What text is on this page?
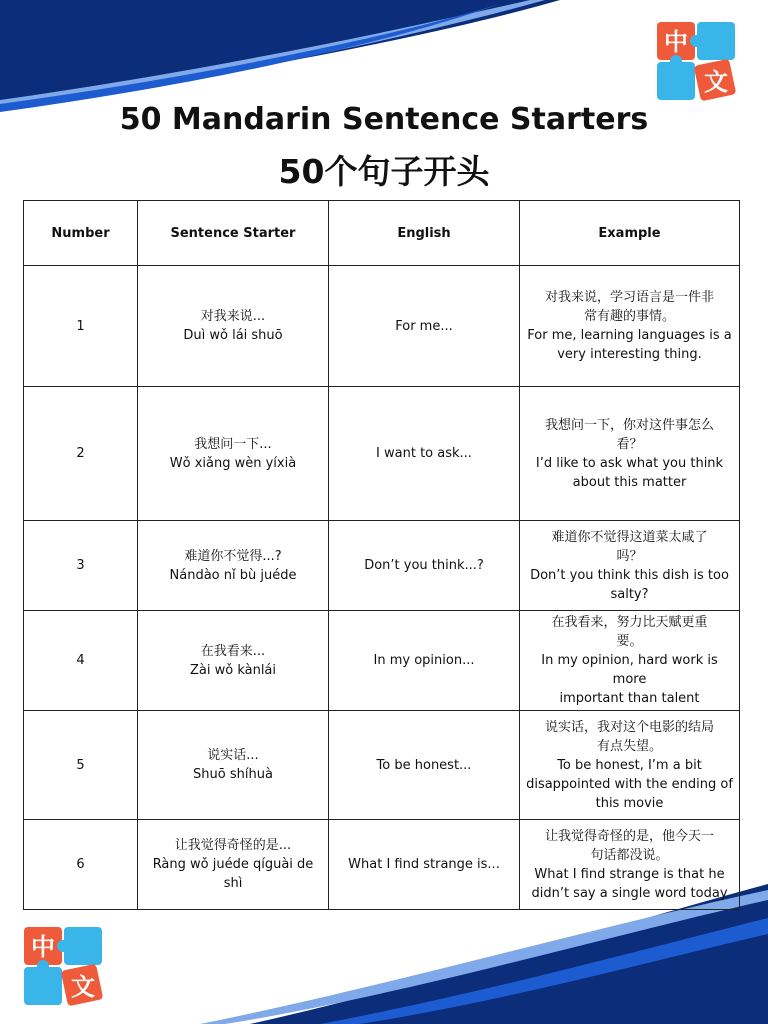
中
文
中
文
50 Mandarin Sentence Starters
50个句子开头
Number	Sentence Starter	English	Example
1	对我来说...
Duì wǒ lái shuō	For me...	对我来说，学习语言是一件非
常有趣的事情。
For me, learning languages is a
very interesting thing.

2	我想问一下...
Wǒ xiǎng wèn yíxià	I want to ask...	我想问一下，你对这件事怎么
看？
I’d like to ask what you think
about this matter

3	难道你不觉得...?
Nándào nǐ bù juéde	Don’t you think...?	难道你不觉得这道菜太咸了
吗？
Don’t you think this dish is too
salty?

4	在我看来...
Zài wǒ kànlái	In my opinion...	在我看来，努力比天赋更重
要。
In my opinion, hard work is more
important than talent

5	说实话...
Shuō shíhuà	To be honest...	说实话，我对这个电影的结局
有点失望。
To be honest, I’m a bit
disappointed with the ending of
this movie

6	让我觉得奇怪的是...
Ràng wǒ juéde qíguài de shì	What I find strange is...	让我觉得奇怪的是，他今天一
句话都没说。
What I find strange is that he
didn’t say a single word today
